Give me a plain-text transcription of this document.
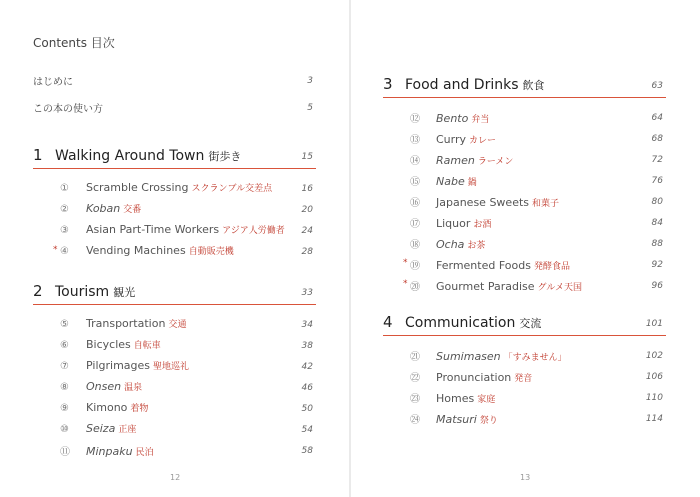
Contents 目次
12
はじめに	3
この本の使い方	5
1 Walking Around Town 街歩き	15
①	Scramble Crossing スクランブル交差点	16
②	Koban 交番	20
③	Asian Part-Time Workers アジア人労働者 24
* ④	Vending Machines 自動販売機	28
2 Tourism 観光	33
⑤	Transportation 交通	34
⑥	Bicycles 自転車	38
⑦	Pilgrimages 聖地巡礼	42
⑧	Onsen 温泉	46
⑨	Kimono 着物	50
⑩	Seiza 正座	54
⑪	Minpaku 民泊	58
13
3 Food and Drinks 飲食	63
⑫	Bento 弁当	64
⑬	Curry カレー	68
⑭	Ramen ラーメン	72
⑮	Nabe 鍋	76
⑯	Japanese Sweets 和菓子	80
⑰	Liquor お酒	84
⑱	Ocha お茶	88
* ⑲	Fermented Foods 発酵食品	92
* ⑳	Gourmet Paradise グルメ天国	96
4 Communication 交流	101
㉑	Sumimasen 「すみません」	102
㉒	Pronunciation 発音	106
㉓	Homes 家庭	110
㉔	Matsuri 祭り	114
